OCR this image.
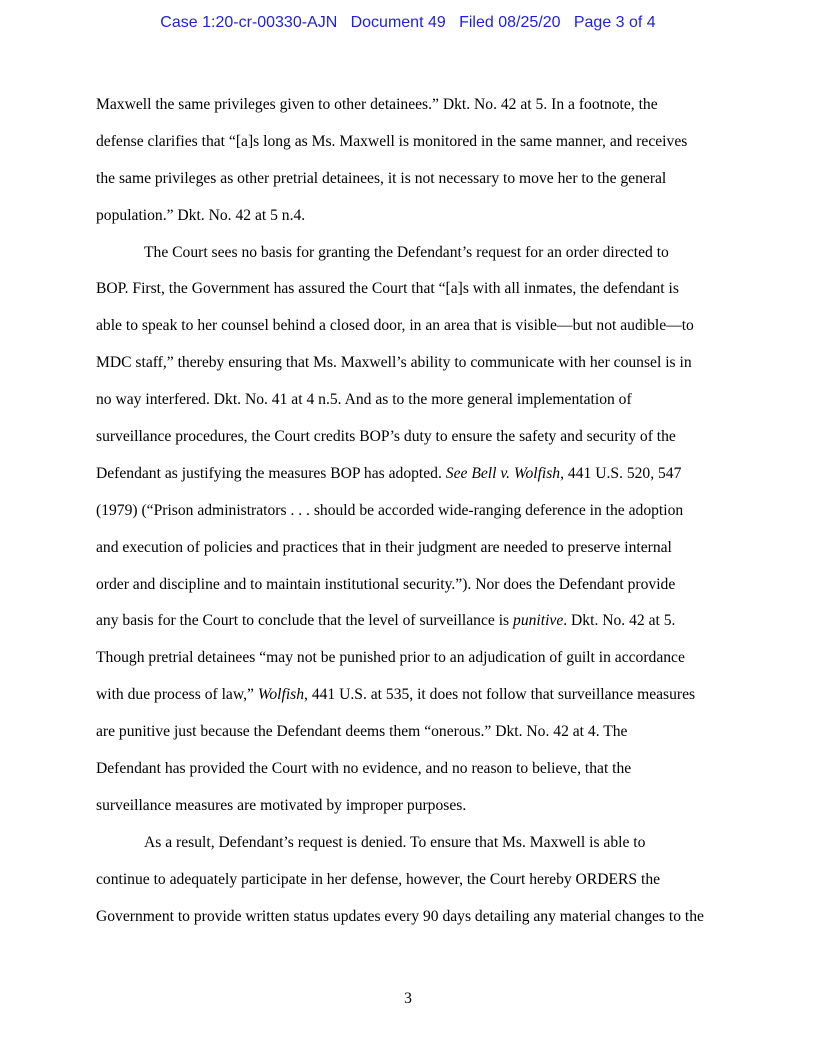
Case 1:20-cr-00330-AJN   Document 49   Filed 08/25/20   Page 3 of 4

Maxwell the same privileges given to other detainees.” Dkt. No. 42 at 5. In a footnote, the
defense clarifies that “[a]s long as Ms. Maxwell is monitored in the same manner, and receives
the same privileges as other pretrial detainees, it is not necessary to move her to the general
population.” Dkt. No. 42 at 5 n.4.
The Court sees no basis for granting the Defendant’s request for an order directed to
BOP. First, the Government has assured the Court that “[a]s with all inmates, the defendant is
able to speak to her counsel behind a closed door, in an area that is visible—but not audible—to
MDC staff,” thereby ensuring that Ms. Maxwell’s ability to communicate with her counsel is in
no way interfered. Dkt. No. 41 at 4 n.5. And as to the more general implementation of
surveillance procedures, the Court credits BOP’s duty to ensure the safety and security of the
Defendant as justifying the measures BOP has adopted. See Bell v. Wolfish, 441 U.S. 520, 547
(1979) (“Prison administrators . . . should be accorded wide-ranging deference in the adoption
and execution of policies and practices that in their judgment are needed to preserve internal
order and discipline and to maintain institutional security.”). Nor does the Defendant provide
any basis for the Court to conclude that the level of surveillance is punitive. Dkt. No. 42 at 5.
Though pretrial detainees “may not be punished prior to an adjudication of guilt in accordance
with due process of law,” Wolfish, 441 U.S. at 535, it does not follow that surveillance measures
are punitive just because the Defendant deems them “onerous.” Dkt. No. 42 at 4. The
Defendant has provided the Court with no evidence, and no reason to believe, that the
surveillance measures are motivated by improper purposes.
As a result, Defendant’s request is denied. To ensure that Ms. Maxwell is able to
continue to adequately participate in her defense, however, the Court hereby ORDERS the
Government to provide written status updates every 90 days detailing any material changes to the
3
